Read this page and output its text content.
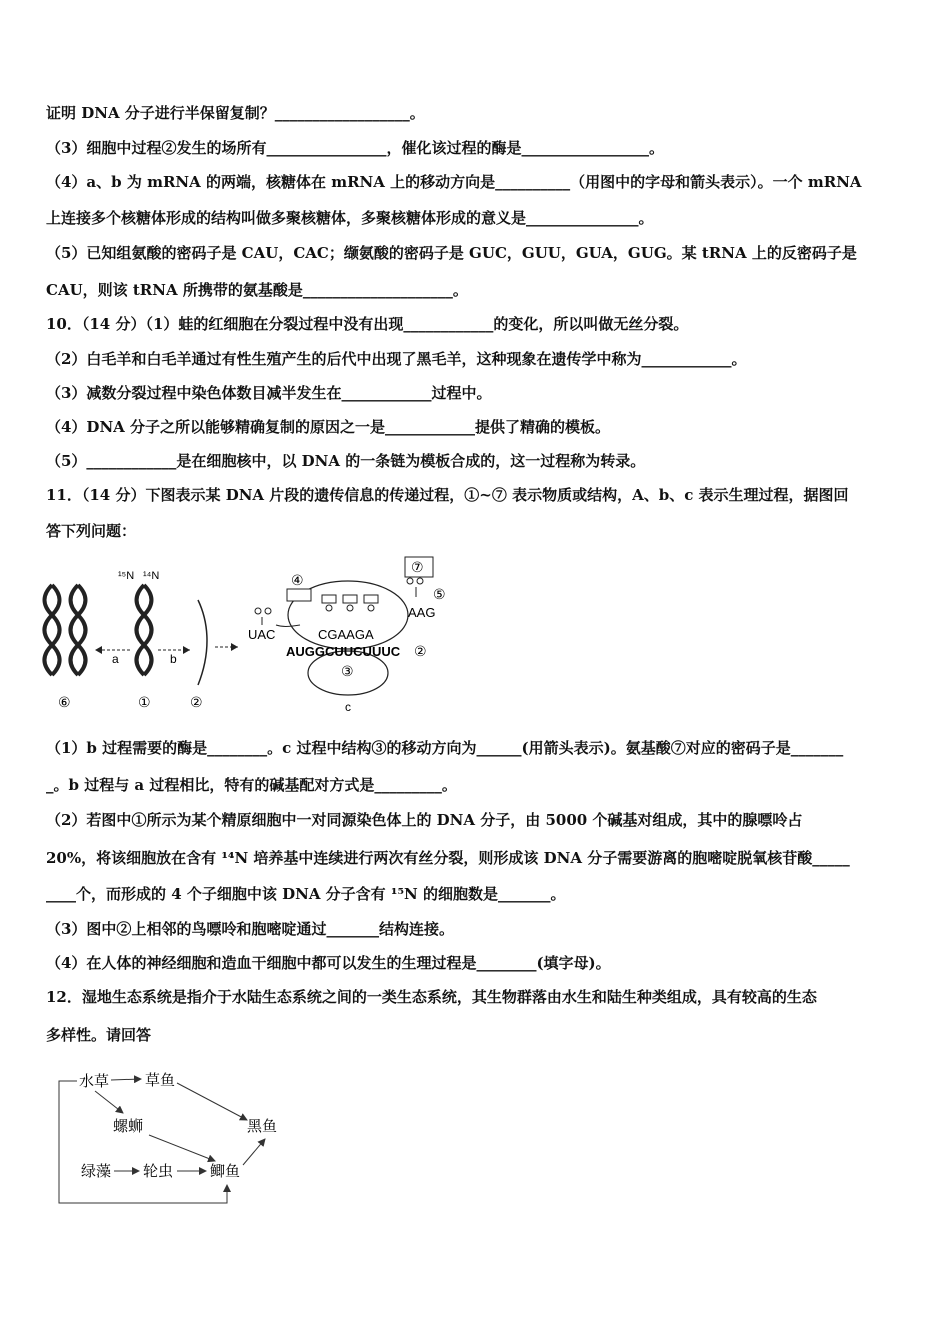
证明 DNA 分子进行半保留复制？__________________。
（3）细胞中过程②发生的场所有________________，催化该过程的酶是_________________。
（4）a、b 为 mRNA 的两端，核糖体在 mRNA 上的移动方向是__________（用图中的字母和箭头表示）。一个 mRNA
上连接多个核糖体形成的结构叫做多聚核糖体，多聚核糖体形成的意义是_______________。
（5）已知组氨酸的密码子是 CAU，CAC；缬氨酸的密码子是 GUC，GUU，GUA，GUG。某 tRNA 上的反密码子是
CAU，则该 tRNA 所携带的氨基酸是____________________。
10．（14 分）（1）蛙的红细胞在分裂过程中没有出现____________的变化，所以叫做无丝分裂。
（2）白毛羊和白毛羊通过有性生殖产生的后代中出现了黑毛羊，这种现象在遗传学中称为____________。
（3）减数分裂过程中染色体数目减半发生在____________过程中。
（4）DNA 分子之所以能够精确复制的原因之一是____________提供了精确的模板。
（5）____________是在细胞核中，以 DNA 的一条链为模板合成的，这一过程称为转录。
11．（14 分）下图表示某 DNA 片段的遗传信息的传递过程，①~⑦ 表示物质或结构，A、b、c 表示生理过程，据图回
答下列问题：
¹⁵N ¹⁴N
a	b
⑥	①	②
④
⑦
⑤
UAC	CGAAGA
AAG
AUGGCUUCUUUC ②
③
c
（1）b 过程需要的酶是________。c 过程中结构③的移动方向为______(用箭头表示)。氨基酸⑦对应的密码子是_______
_。b 过程与 a 过程相比，特有的碱基配对方式是_________。
（2）若图中①所示为某个精原细胞中一对同源染色体上的 DNA 分子，由 5000 个碱基对组成，其中的腺嘌呤占
20%，将该细胞放在含有 ¹⁴N 培养基中连续进行两次有丝分裂，则形成该 DNA 分子需要游离的胞嘧啶脱氧核苷酸_____
____个，而形成的 4 个子细胞中该 DNA 分子含有 ¹⁵N 的细胞数是_______。
（3）图中②上相邻的鸟嘌呤和胞嘧啶通过_______结构连接。
（4）在人体的神经细胞和造血干细胞中都可以发生的生理过程是________(填字母)。
12．湿地生态系统是指介于水陆生态系统之间的一类生态系统，其生物群落由水生和陆生种类组成，具有较高的生态
多样性。请回答
水草 草鱼
螺蛳	黑鱼
绿藻 轮虫 鲫鱼
